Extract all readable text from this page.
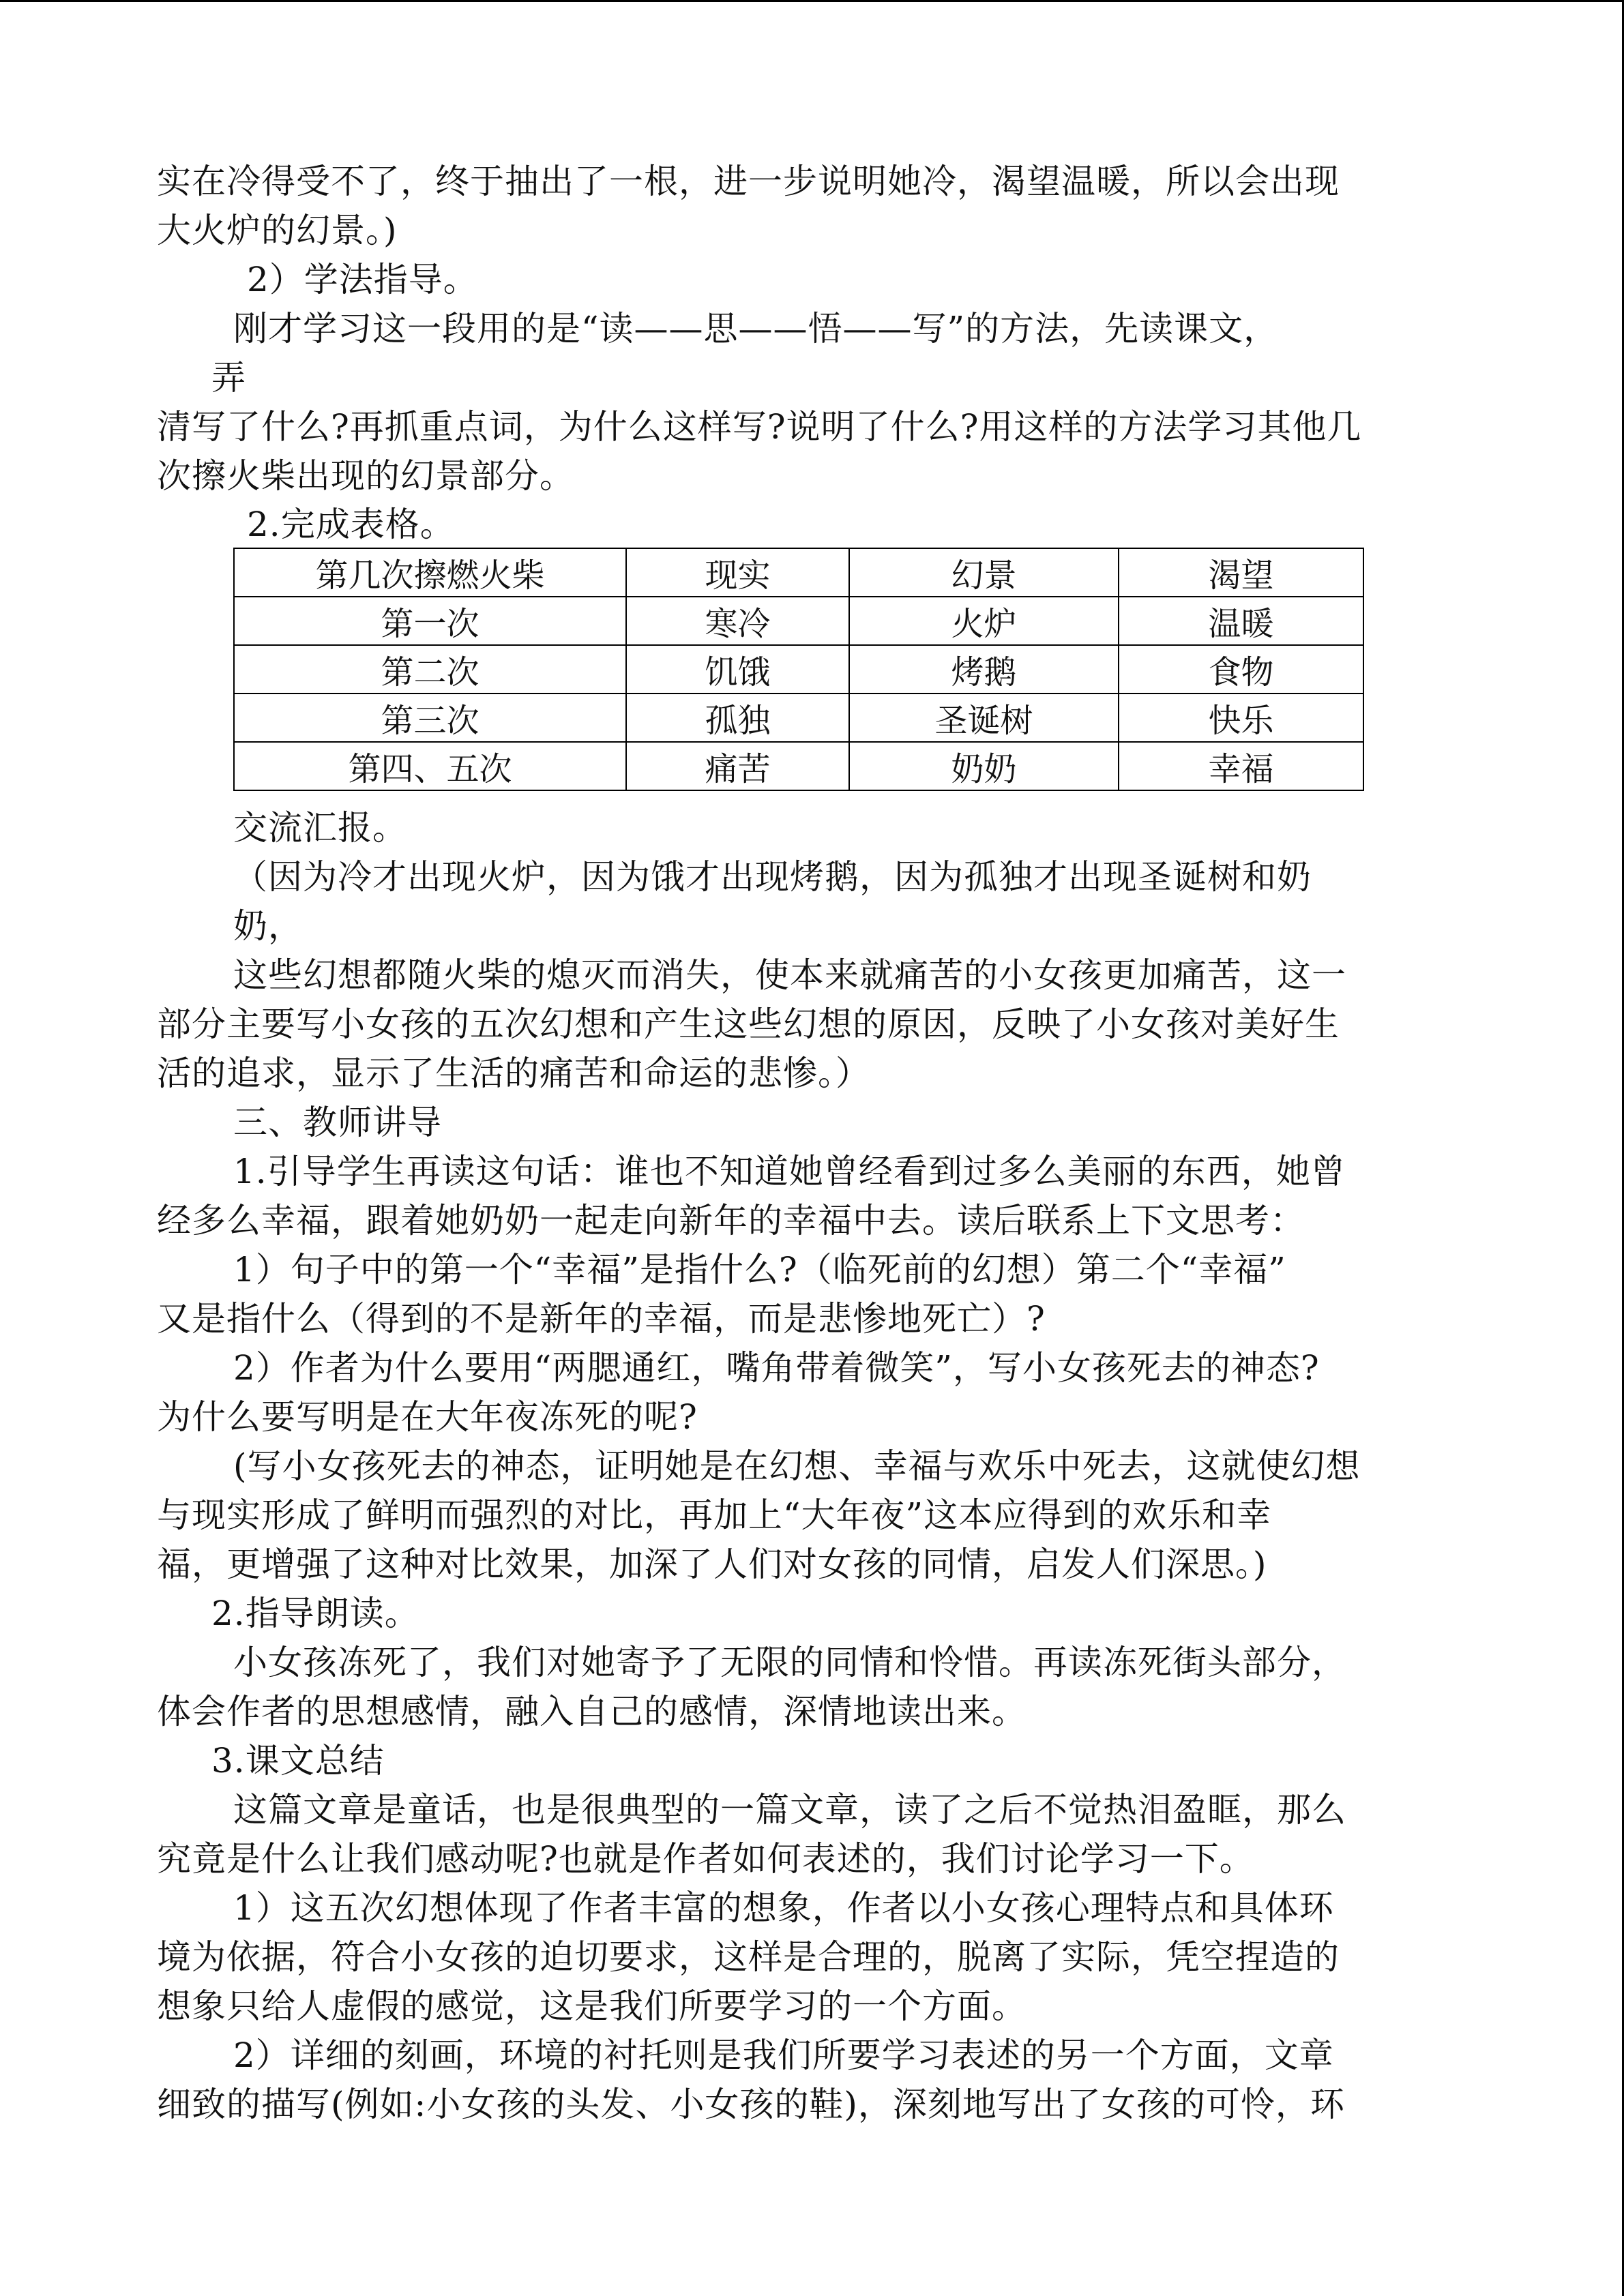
实在冷得受不了，终于抽出了一根，进一步说明她冷，渴望温暖，所以会出现
大火炉的幻景。)
2）学法指导。
刚才学习这一段用的是“读——思——悟——写”的方法，先读课文，
弄
清写了什么?再抓重点词，为什么这样写?说明了什么?用这样的方法学习其他几
次擦火柴出现的幻景部分。
2.完成表格。
第几次擦燃火柴	现实	幻景	渴望
第一次	寒冷	火炉	温暖
第二次	饥饿	烤鹅	食物
第三次	孤独	圣诞树	快乐
第四、五次	痛苦	奶奶	幸福
交流汇报。
（因为冷才出现火炉，因为饿才出现烤鹅，因为孤独才出现圣诞树和奶
奶，
这些幻想都随火柴的熄灭而消失，使本来就痛苦的小女孩更加痛苦，这一
部分主要写小女孩的五次幻想和产生这些幻想的原因，反映了小女孩对美好生
活的追求，显示了生活的痛苦和命运的悲惨。）
三、教师讲导
1.引导学生再读这句话：谁也不知道她曾经看到过多么美丽的东西，她曾
经多么幸福，跟着她奶奶一起走向新年的幸福中去。读后联系上下文思考：
1）句子中的第一个“幸福”是指什么?（临死前的幻想）第二个“幸福”
又是指什么（得到的不是新年的幸福，而是悲惨地死亡）?
2）作者为什么要用“两腮通红，嘴角带着微笑”，写小女孩死去的神态?
为什么要写明是在大年夜冻死的呢?
(写小女孩死去的神态，证明她是在幻想、幸福与欢乐中死去，这就使幻想
与现实形成了鲜明而强烈的对比，再加上“大年夜”这本应得到的欢乐和幸
福，更增强了这种对比效果，加深了人们对女孩的同情，启发人们深思。)
2.指导朗读。
小女孩冻死了，我们对她寄予了无限的同情和怜惜。再读冻死街头部分，
体会作者的思想感情，融入自己的感情，深情地读出来。
3.课文总结
这篇文章是童话，也是很典型的一篇文章，读了之后不觉热泪盈眶，那么
究竟是什么让我们感动呢?也就是作者如何表述的，我们讨论学习一下。
1）这五次幻想体现了作者丰富的想象，作者以小女孩心理特点和具体环
境为依据，符合小女孩的迫切要求，这样是合理的，脱离了实际，凭空捏造的
想象只给人虚假的感觉，这是我们所要学习的一个方面。
2）详细的刻画，环境的衬托则是我们所要学习表述的另一个方面，文章
细致的描写(例如:小女孩的头发、小女孩的鞋)，深刻地写出了女孩的可怜，环
